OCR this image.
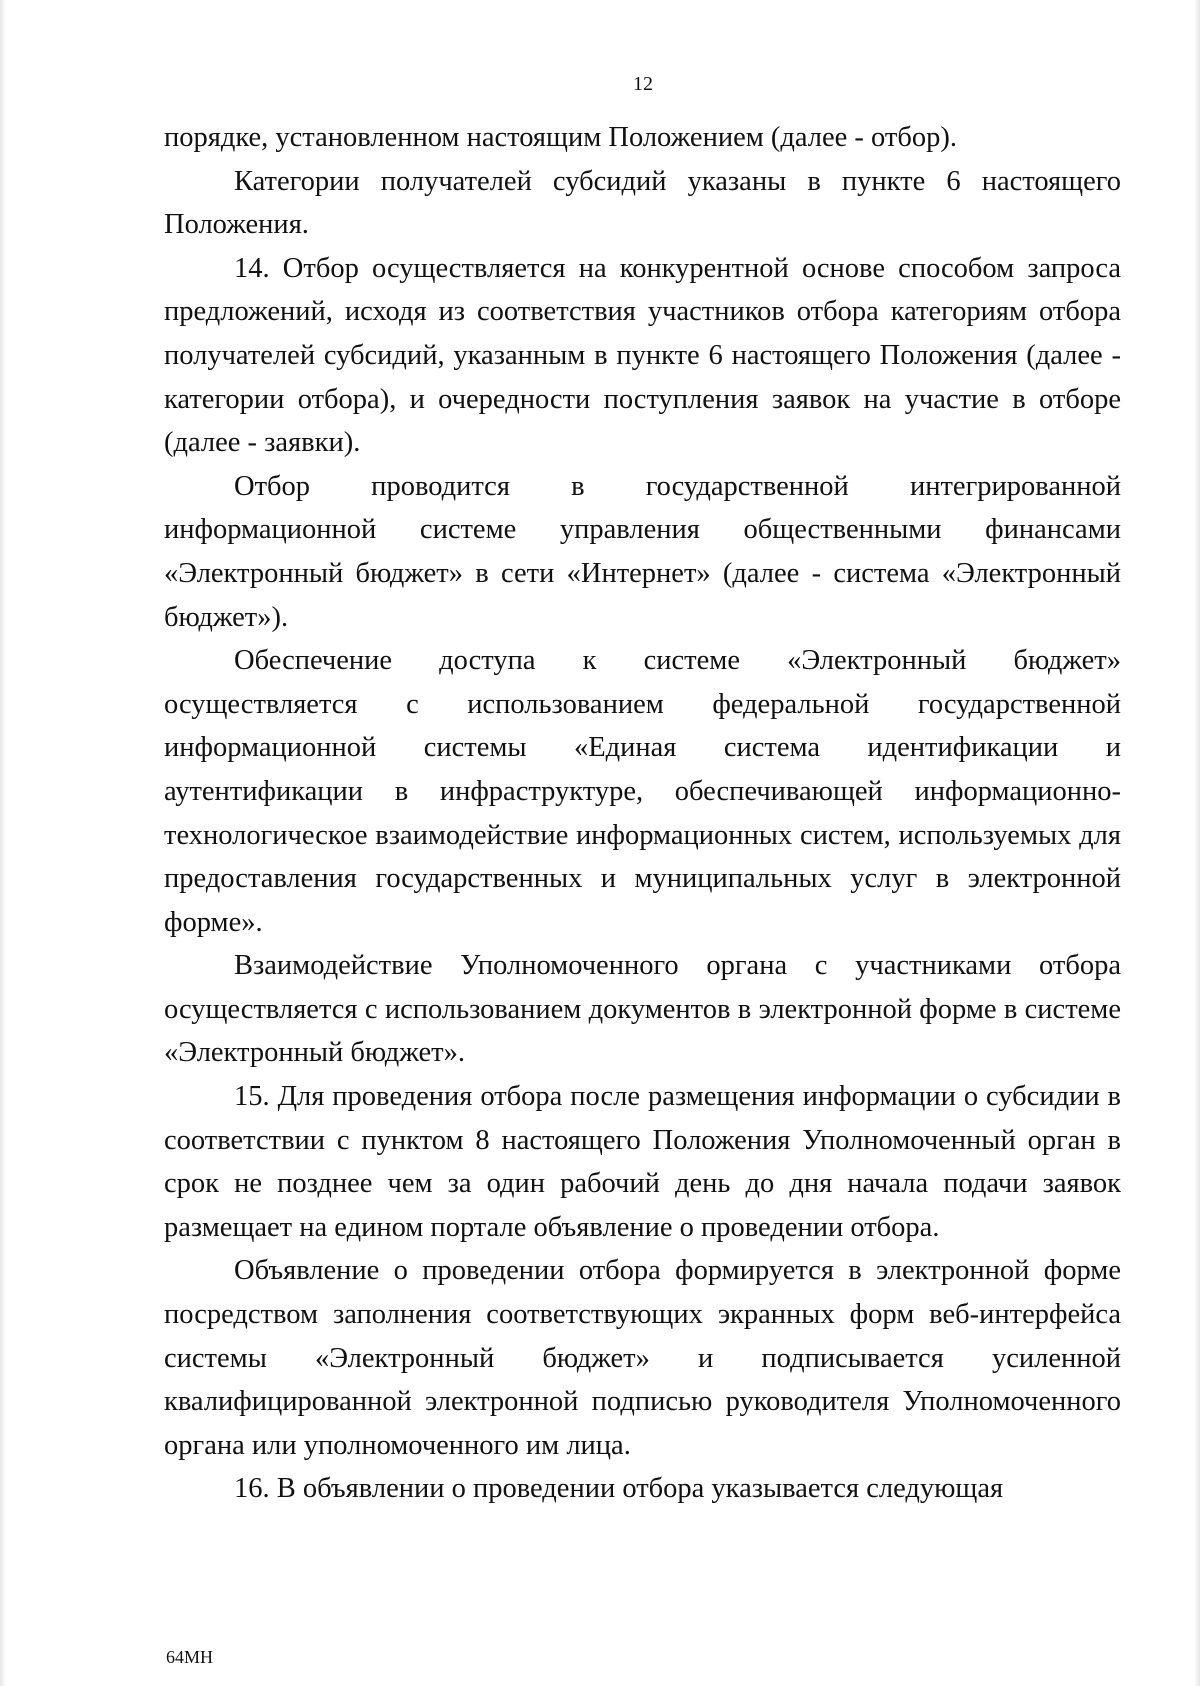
12

порядке, установленном настоящим Положением (далее - отбор).

Категории получателей субсидий указаны в пункте 6 настоящего Положения.

14. Отбор осуществляется на конкурентной основе способом запроса предложений, исходя из соответствия участников отбора категориям отбора получателей субсидий, указанным в пункте 6 настоящего Положения (далее - категории отбора), и очередности поступления заявок на участие в отборе (далее - заявки).

Отбор проводится в государственной интегрированной информационной системе управления общественными финансами «Электронный бюджет» в сети «Интернет» (далее - система «Электронный бюджет»).

Обеспечение доступа к системе «Электронный бюджет» осуществляется с использованием федеральной государственной информационной системы «Единая система идентификации и аутентификации в инфраструктуре, обеспечивающей информационно-технологическое взаимодействие информационных систем, используемых для предоставления государственных и муниципальных услуг в электронной форме».

Взаимодействие Уполномоченного органа с участниками отбора осуществляется с использованием документов в электронной форме в системе «Электронный бюджет».

15. Для проведения отбора после размещения информации о субсидии в соответствии с пунктом 8 настоящего Положения Уполномоченный орган в срок не позднее чем за один рабочий день до дня начала подачи заявок размещает на едином портале объявление о проведении отбора.

Объявление о проведении отбора формируется в электронной форме посредством заполнения соответствующих экранных форм веб-интерфейса системы «Электронный бюджет» и подписывается усиленной квалифицированной электронной подписью руководителя Уполномоченного органа или уполномоченного им лица.

16. В объявлении о проведении отбора указывается следующая

64МН
